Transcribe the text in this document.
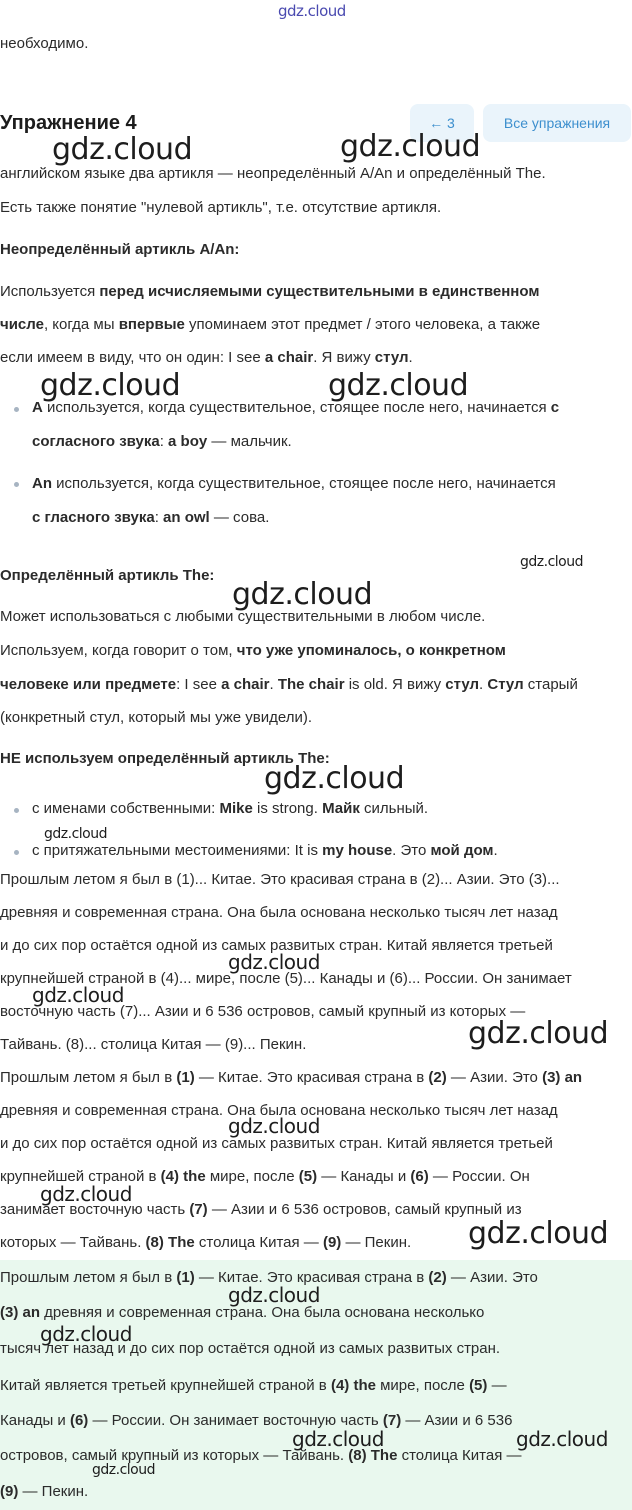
gdz.cloud
необходимо.
Упражнение 4	← 3	Все упражнения
английском языке два артикля — неопределённый A/An и определённый The.
Есть также понятие "нулевой артикль", т.е. отсутствие артикля.
Неопределённый артикль A/An:
Используется перед исчисляемыми существительными в единственном
числе, когда мы впервые упоминаем этот предмет / этого человека, а также
если имеем в виду, что он один: I see a chair. Я вижу стул.
A используется, когда существительное, стоящее после него, начинается с
согласного звука: a boy — мальчик.
An используется, когда существительное, стоящее после него, начинается
с гласного звука: an owl — сова.
Определённый артикль The:
Может использоваться с любыми существительными в любом числе.
Используем, когда говорит о том, что уже упоминалось, о конкретном
человеке или предмете: I see a chair. The chair is old. Я вижу стул. Стул старый
(конкретный стул, который мы уже увидели).
НЕ используем определённый артикль The:
с именами собственными: Mike is strong. Майк сильный.
с притяжательными местоимениями: It is my house. Это мой дом.
Прошлым летом я был в (1)... Китае. Это красивая страна в (2)... Азии. Это (3)...
древняя и современная страна. Она была основана несколько тысяч лет назад
и до сих пор остаётся одной из самых развитых стран. Китай является третьей
крупнейшей страной в (4)... мире, после (5)... Канады и (6)... России. Он занимает
восточную часть (7)... Азии и 6 536 островов, самый крупный из которых —
Тайвань. (8)... столица Китая — (9)... Пекин.
Прошлым летом я был в (1) — Китае. Это красивая страна в (2) — Азии. Это (3) an
древняя и современная страна. Она была основана несколько тысяч лет назад
и до сих пор остаётся одной из самых развитых стран. Китай является третьей
крупнейшей страной в (4) the мире, после (5) — Канады и (6) — России. Он
занимает восточную часть (7) — Азии и 6 536 островов, самый крупный из
которых — Тайвань. (8) The столица Китая — (9) — Пекин.
Прошлым летом я был в (1) — Китае. Это красивая страна в (2) — Азии. Это
(3) an древняя и современная страна. Она была основана несколько
тысяч лет назад и до сих пор остаётся одной из самых развитых стран.
Китай является третьей крупнейшей страной в (4) the мире, после (5) —
Канады и (6) — России. Он занимает восточную часть (7) — Азии и 6 536
островов, самый крупный из которых — Тайвань. (8) The столица Китая —
(9) — Пекин.
gdz.cloud	gdz.cloud
gdz.cloud	gdz.cloud
gdz.cloud
gdz.cloud
gdz.cloud
gdz.cloud
gdz.cloud
gdz.cloud
gdz.cloud
gdz.cloud
gdz.cloud
gdz.cloud
gdz.cloud
gdz.cloud
gdz.cloud	gdz.cloud
gdz.cloud
